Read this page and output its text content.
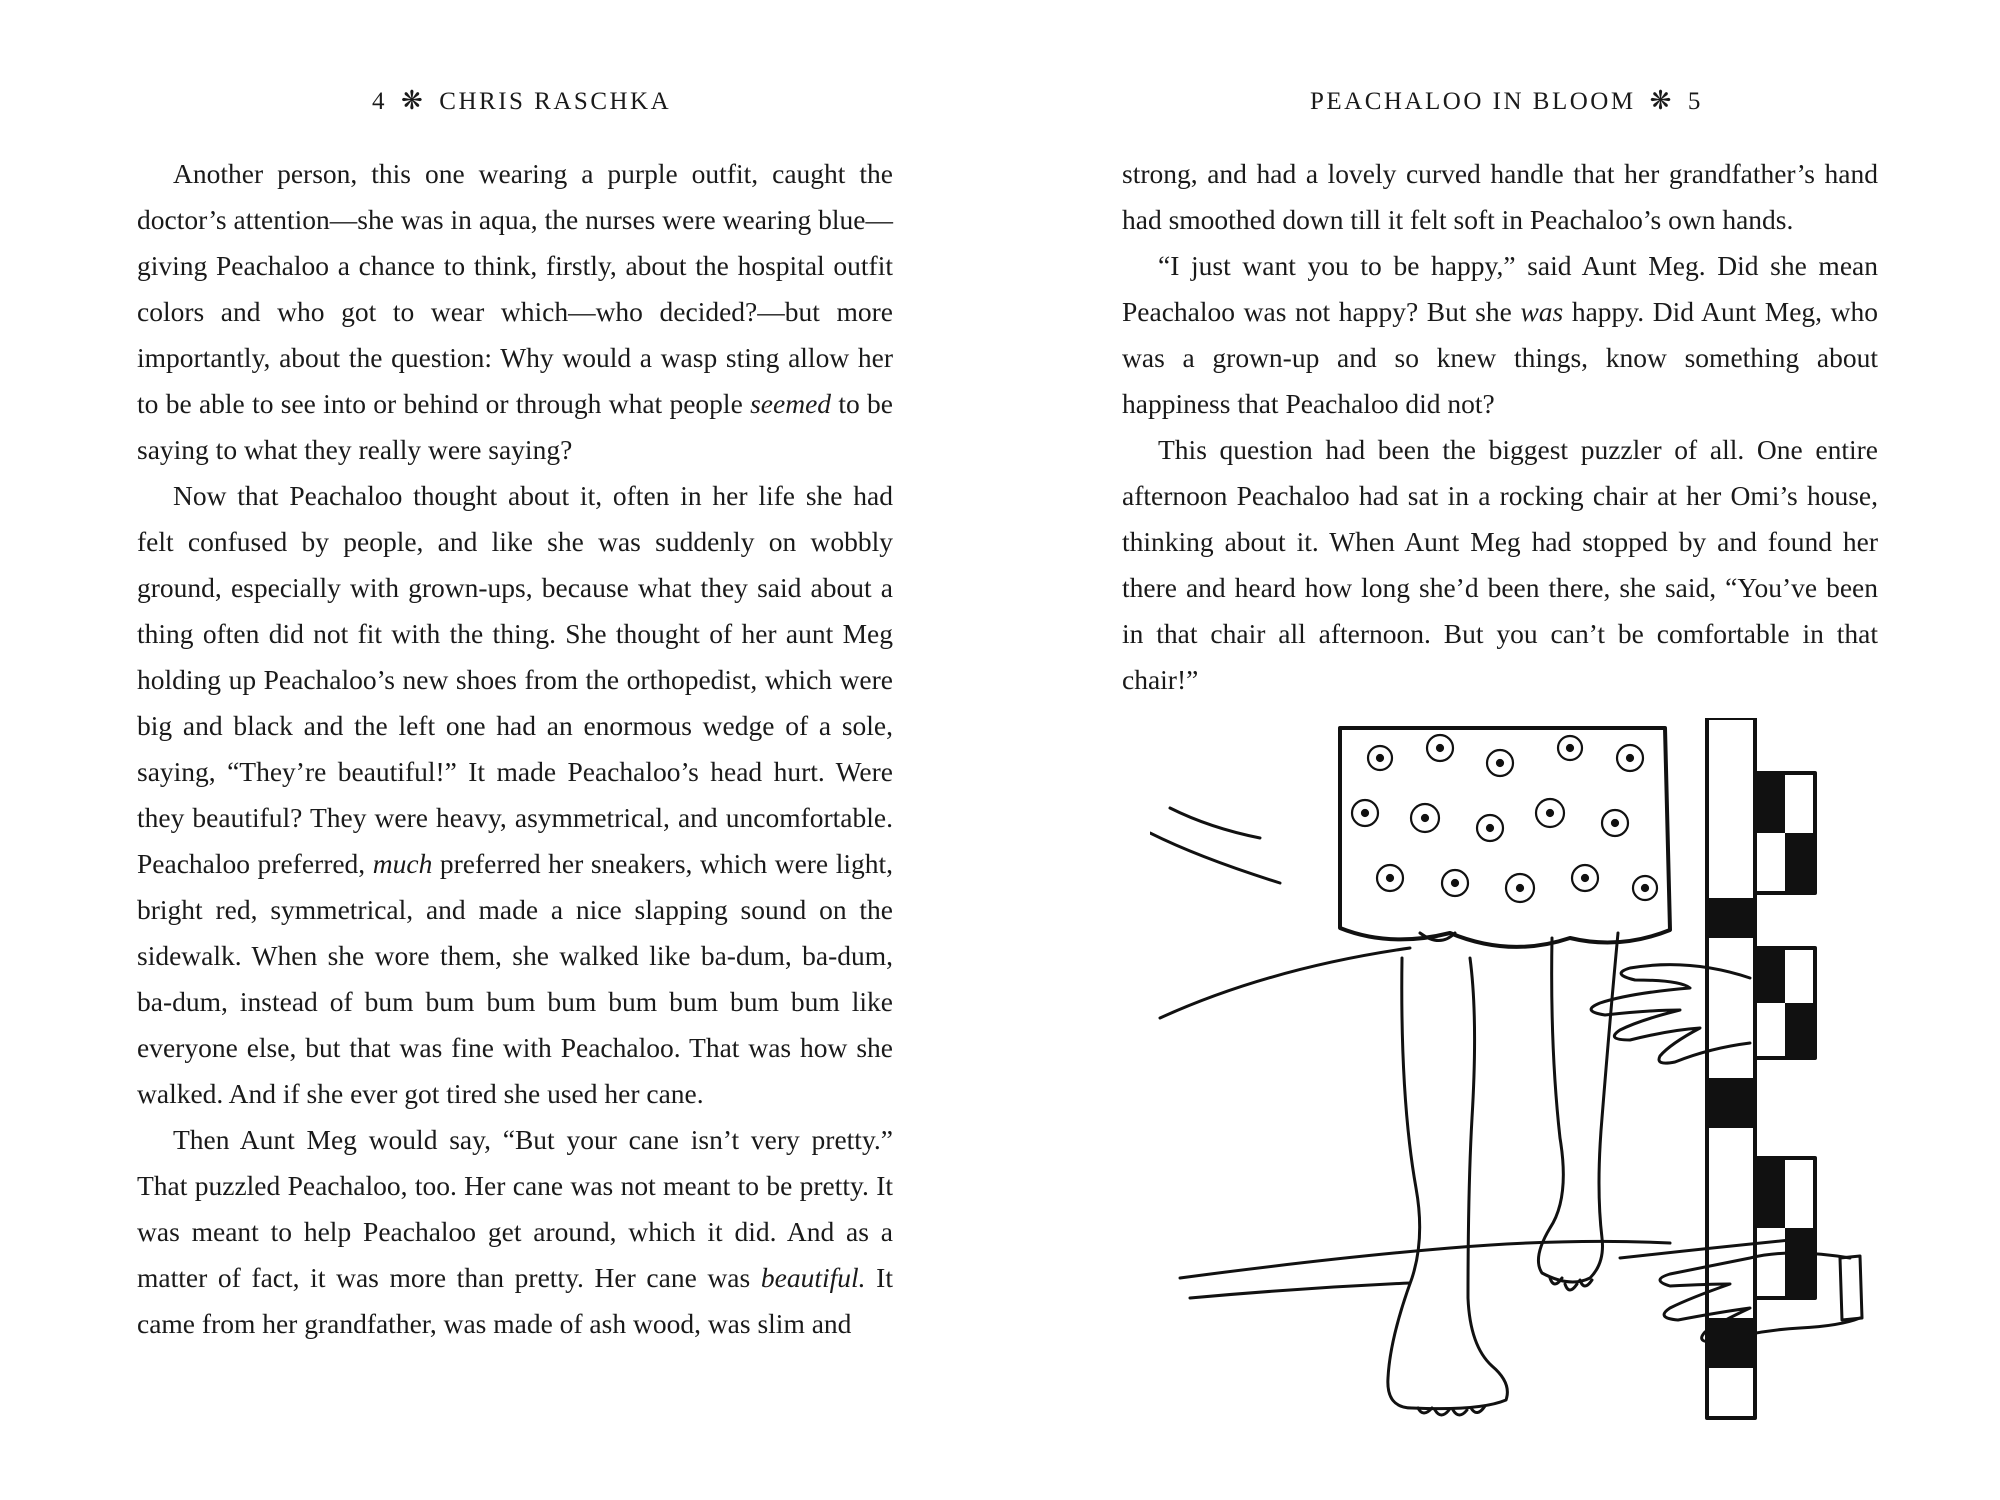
4 ❋ CHRIS RASCHKA

Another person, this one wearing a purple outfit, caught the doctor’s attention—she was in aqua, the nurses were wearing blue—giving Peachaloo a chance to think, firstly, about the hospital outfit colors and who got to wear which—who decided?—but more importantly, about the question: Why would a wasp sting allow her to be able to see into or behind or through what people seemed to be saying to what they really were saying?

Now that Peachaloo thought about it, often in her life she had felt confused by people, and like she was suddenly on wobbly ground, especially with grown-ups, because what they said about a thing often did not fit with the thing. She thought of her aunt Meg holding up Peachaloo’s new shoes from the orthopedist, which were big and black and the left one had an enormous wedge of a sole, saying, “They’re beautiful!” It made Peachaloo’s head hurt. Were they beautiful? They were heavy, asymmetrical, and uncomfortable. Peachaloo preferred, much preferred her sneakers, which were light, bright red, symmetrical, and made a nice slapping sound on the sidewalk. When she wore them, she walked like ba-dum, ba-dum, ba-dum, instead of bum bum bum bum bum bum bum bum like everyone else, but that was fine with Peachaloo. That was how she walked. And if she ever got tired she used her cane.

Then Aunt Meg would say, “But your cane isn’t very pretty.” That puzzled Peachaloo, too. Her cane was not meant to be pretty. It was meant to help Peachaloo get around, which it did. And as a matter of fact, it was more than pretty. Her cane was beautiful. It came from her grandfather, was made of ash wood, was slim and

PEACHALOO IN BLOOM ❋ 5

strong, and had a lovely curved handle that her grandfather’s hand had smoothed down till it felt soft in Peachaloo’s own hands.

“I just want you to be happy,” said Aunt Meg. Did she mean Peachaloo was not happy? But she was happy. Did Aunt Meg, who was a grown-up and so knew things, know something about happiness that Peachaloo did not?

This question had been the biggest puzzler of all. One entire afternoon Peachaloo had sat in a rocking chair at her Omi’s house, thinking about it. When Aunt Meg had stopped by and found her there and heard how long she’d been there, she said, “You’ve been in that chair all afternoon. But you can’t be comfortable in that chair!”
